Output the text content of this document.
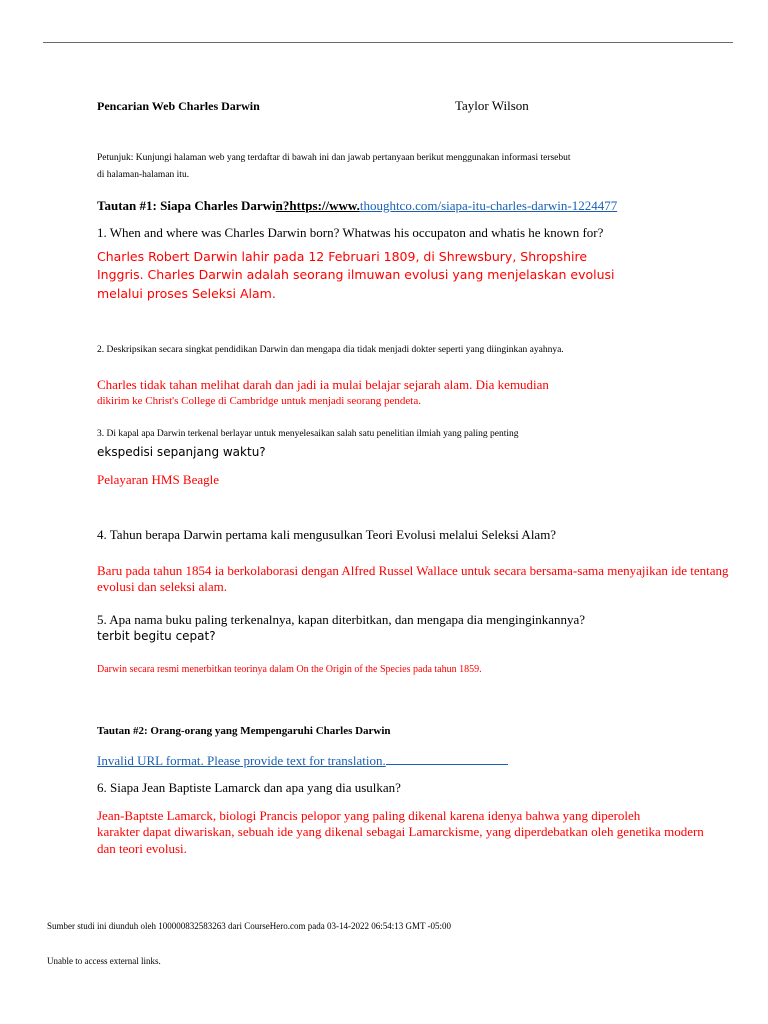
Pencarian Web Charles Darwin	Taylor Wilson
Petunjuk: Kunjungi halaman web yang terdaftar di bawah ini dan jawab pertanyaan berikut menggunakan informasi tersebut
di halaman-halaman itu.
Tautan #1: Siapa Charles Darwin?https://www.thoughtco.com/siapa-itu-charles-darwin-1224477
1. When and where was Charles Darwin born? Whatwas his occupaton and whatis he known for?
Charles Robert Darwin lahir pada 12 Februari 1809, di Shrewsbury, Shropshire
Inggris. Charles Darwin adalah seorang ilmuwan evolusi yang menjelaskan evolusi
melalui proses Seleksi Alam.
2. Deskripsikan secara singkat pendidikan Darwin dan mengapa dia tidak menjadi dokter seperti yang diinginkan ayahnya.
Charles tidak tahan melihat darah dan jadi ia mulai belajar sejarah alam. Dia kemudian
dikirim ke Christ's College di Cambridge untuk menjadi seorang pendeta.
3. Di kapal apa Darwin terkenal berlayar untuk menyelesaikan salah satu penelitian ilmiah yang paling penting
ekspedisi sepanjang waktu?
Pelayaran HMS Beagle
4. Tahun berapa Darwin pertama kali mengusulkan Teori Evolusi melalui Seleksi Alam?
Baru pada tahun 1854 ia berkolaborasi dengan Alfred Russel Wallace untuk secara bersama-sama menyajikan ide tentang
evolusi dan seleksi alam.
5. Apa nama buku paling terkenalnya, kapan diterbitkan, dan mengapa dia menginginkannya?
terbit begitu cepat?
Darwin secara resmi menerbitkan teorinya dalam On the Origin of the Species pada tahun 1859.
Tautan #2: Orang-orang yang Mempengaruhi Charles Darwin
Invalid URL format. Please provide text for translation.
6. Siapa Jean Baptiste Lamarck dan apa yang dia usulkan?
Jean-Baptste Lamarck, biologi Prancis pelopor yang paling dikenal karena idenya bahwa yang diperoleh
karakter dapat diwariskan, sebuah ide yang dikenal sebagai Lamarckisme, yang diperdebatkan oleh genetika modern
dan teori evolusi.
Sumber studi ini diunduh oleh 100000832583263 dari CourseHero.com pada 03-14-2022 06:54:13 GMT -05:00
Unable to access external links.
